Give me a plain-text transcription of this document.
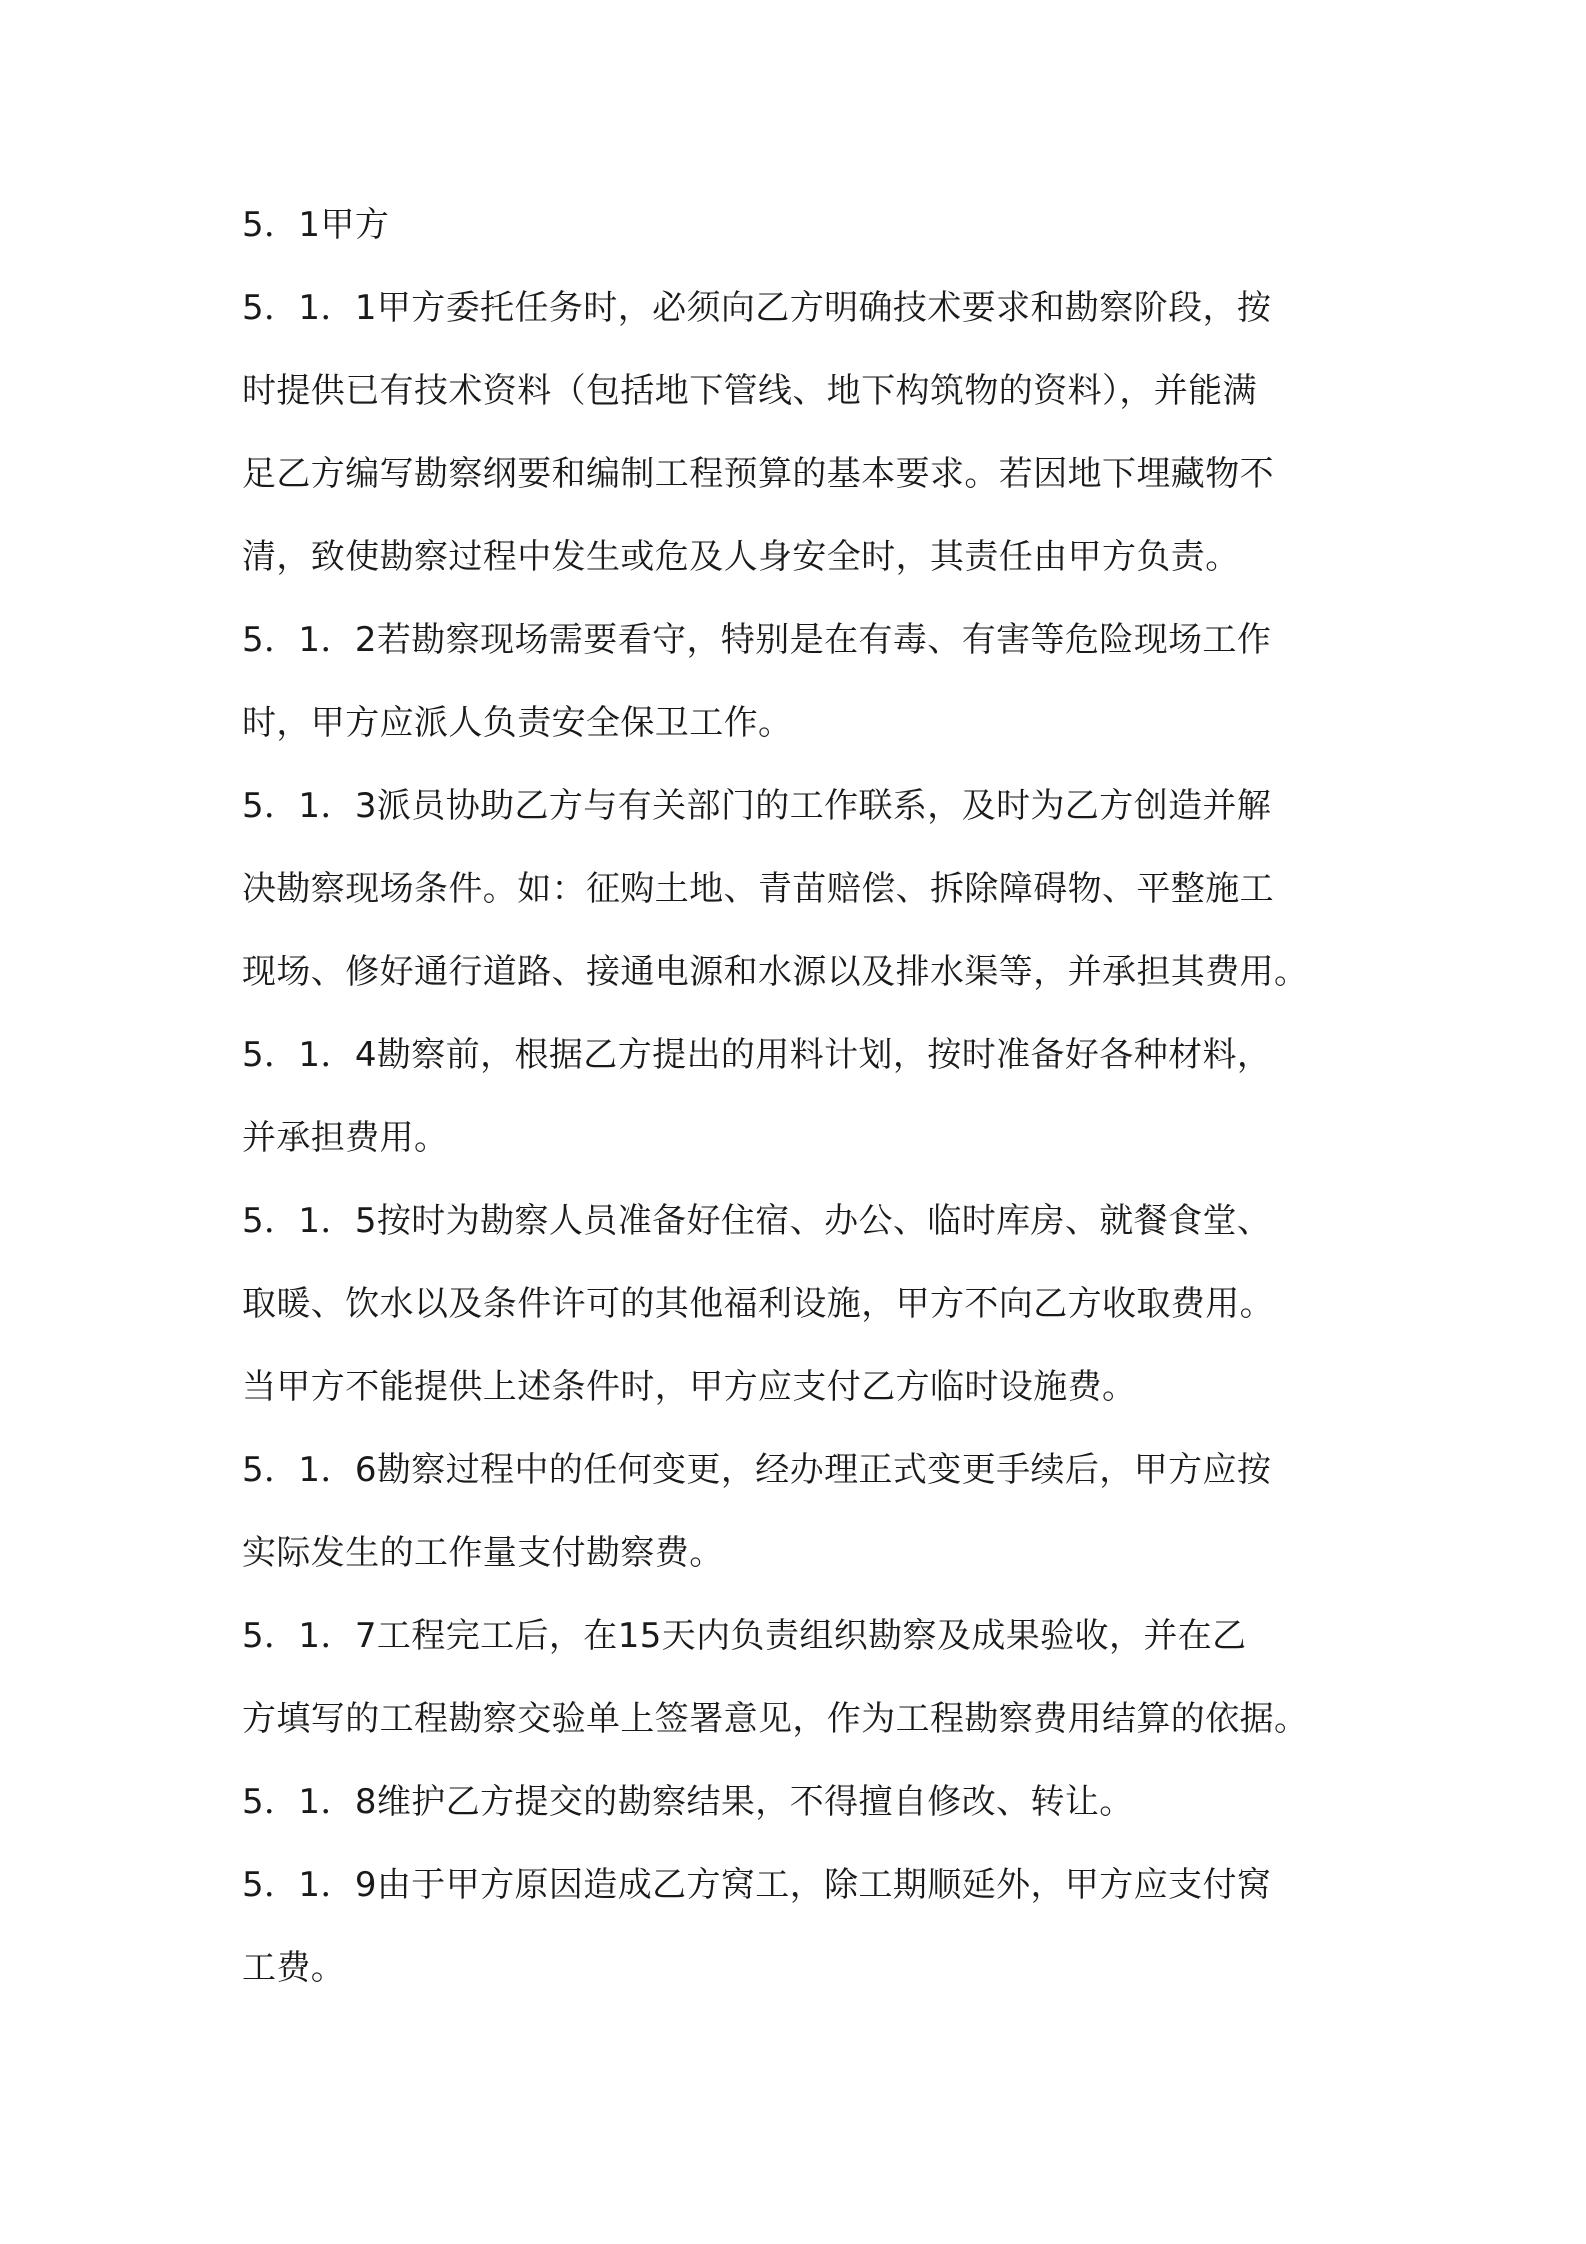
5．1甲方
5．1．1甲方委托任务时，必须向乙方明确技术要求和勘察阶段，按
时提供已有技术资料（包括地下管线、地下构筑物的资料），并能满
足乙方编写勘察纲要和编制工程预算的基本要求。若因地下埋藏物不
清，致使勘察过程中发生或危及人身安全时，其责任由甲方负责。
5．1．2若勘察现场需要看守，特别是在有毒、有害等危险现场工作
时，甲方应派人负责安全保卫工作。
5．1．3派员协助乙方与有关部门的工作联系，及时为乙方创造并解
决勘察现场条件。如：征购土地、青苗赔偿、拆除障碍物、平整施工
现场、修好通行道路、接通电源和水源以及排水渠等，并承担其费用。
5．1．4勘察前，根据乙方提出的用料计划，按时准备好各种材料，
并承担费用。
5．1．5按时为勘察人员准备好住宿、办公、临时库房、就餐食堂、
取暖、饮水以及条件许可的其他福利设施，甲方不向乙方收取费用。
当甲方不能提供上述条件时，甲方应支付乙方临时设施费。
5．1．6勘察过程中的任何变更，经办理正式变更手续后，甲方应按
实际发生的工作量支付勘察费。
5．1．7工程完工后，在15天内负责组织勘察及成果验收，并在乙
方填写的工程勘察交验单上签署意见，作为工程勘察费用结算的依据。
5．1．8维护乙方提交的勘察结果，不得擅自修改、转让。
5．1．9由于甲方原因造成乙方窝工，除工期顺延外，甲方应支付窝
工费。
